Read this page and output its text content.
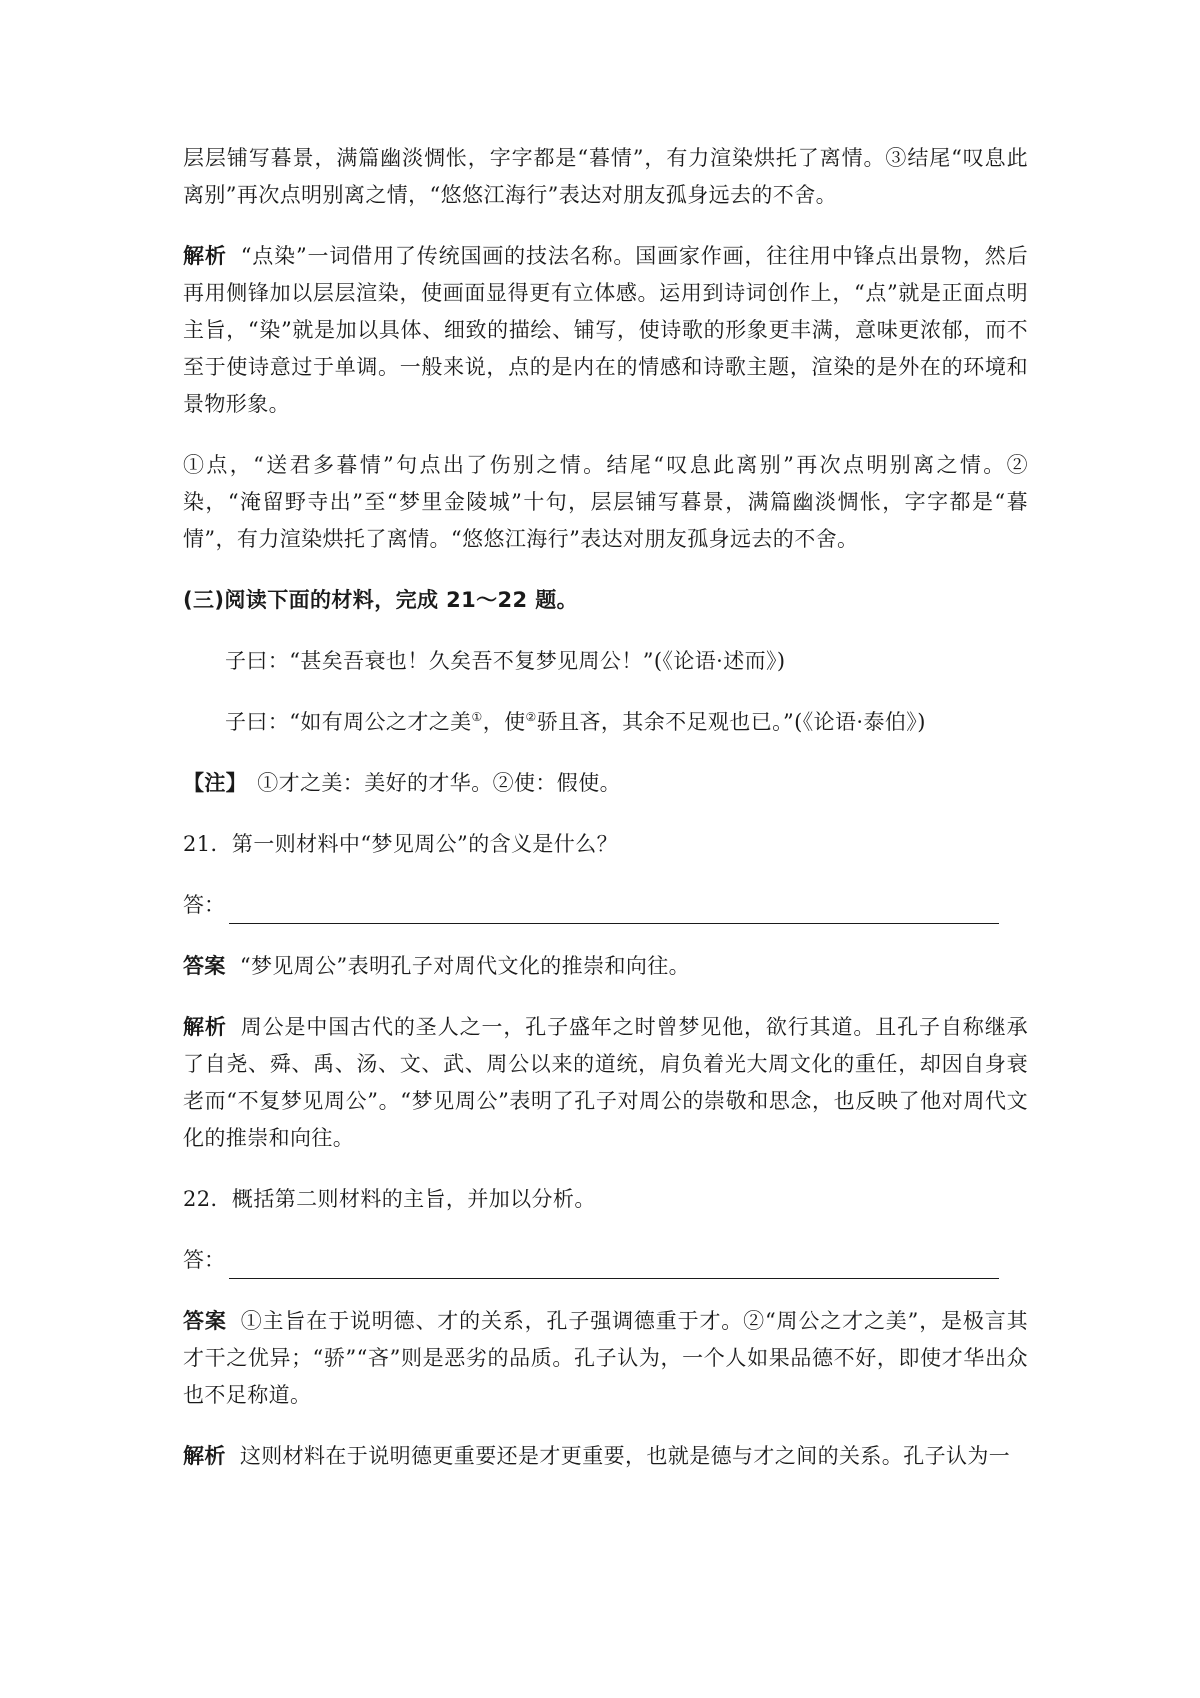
层层铺写暮景，满篇幽淡惆怅，字字都是“暮情”，有力渲染烘托了离情。③结尾“叹息此离别”再次点明别离之情，“悠悠江海行”表达对朋友孤身远去的不舍。

解析 “点染”一词借用了传统国画的技法名称。国画家作画，往往用中锋点出景物，然后再用侧锋加以层层渲染，使画面显得更有立体感。运用到诗词创作上，“点”就是正面点明主旨，“染”就是加以具体、细致的描绘、铺写，使诗歌的形象更丰满，意味更浓郁，而不至于使诗意过于单调。一般来说，点的是内在的情感和诗歌主题，渲染的是外在的环境和景物形象。

①点，“送君多暮情”句点出了伤别之情。结尾“叹息此离别”再次点明别离之情。②染，“淹留野寺出”至“梦里金陵城”十句，层层铺写暮景，满篇幽淡惆怅，字字都是“暮情”，有力渲染烘托了离情。“悠悠江海行”表达对朋友孤身远去的不舍。

(三)阅读下面的材料，完成 21～22 题。

子曰：“甚矣吾衰也！久矣吾不复梦见周公！”(《论语·述而》)

子曰：“如有周公之才之美①，使②骄且吝，其余不足观也已。”(《论语·泰伯》)

【注】 ①才之美：美好的才华。②使：假使。

21．第一则材料中“梦见周公”的含义是什么？

答：

答案 “梦见周公”表明孔子对周代文化的推崇和向往。

解析 周公是中国古代的圣人之一，孔子盛年之时曾梦见他，欲行其道。且孔子自称继承了自尧、舜、禹、汤、文、武、周公以来的道统，肩负着光大周文化的重任，却因自身衰老而“不复梦见周公”。“梦见周公”表明了孔子对周公的崇敬和思念，也反映了他对周代文化的推崇和向往。

22．概括第二则材料的主旨，并加以分析。

答：

答案 ①主旨在于说明德、才的关系，孔子强调德重于才。②“周公之才之美”，是极言其才干之优异；“骄”“吝”则是恶劣的品质。孔子认为，一个人如果品德不好，即使才华出众也不足称道。

解析 这则材料在于说明德更重要还是才更重要，也就是德与才之间的关系。孔子认为一
